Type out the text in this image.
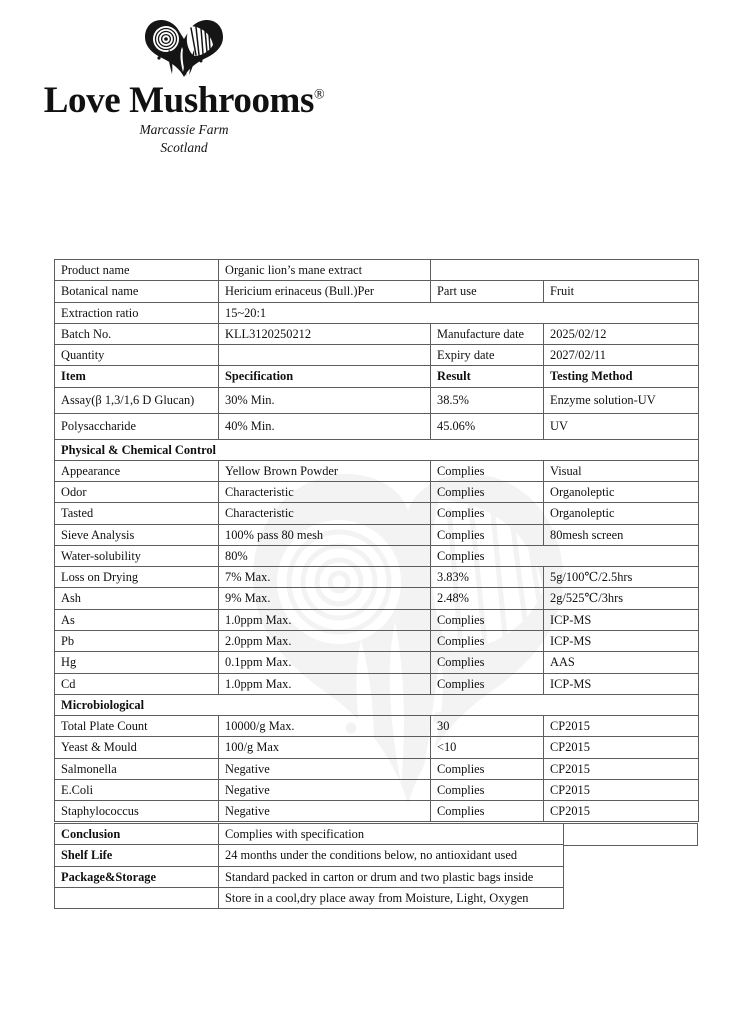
Love Mushrooms®
Marcassie Farm
Scotland
Product name	Organic lion’s mane extract		
Botanical name	Hericium erinaceus (Bull.)Per	Part use	Fruit
Extraction ratio	15~20:1		
Batch No.	KLL3120250212	Manufacture date	2025/02/12
Quantity		Expiry date	2027/02/11
Item	Specification	Result	Testing Method
Assay(β 1,3/1,6 D Glucan)	30% Min.	38.5%	Enzyme solution-UV
Polysaccharide	40% Min.	45.06%	UV
Physical & Chemical Control			
Appearance	Yellow Brown Powder	Complies	Visual
Odor	Characteristic	Complies	Organoleptic
Tasted	Characteristic	Complies	Organoleptic
Sieve Analysis	100% pass 80 mesh	Complies	80mesh screen
Water-solubility	80%	Complies	
Loss on Drying	7% Max.	3.83%	5g/100℃/2.5hrs
Ash	9% Max.	2.48%	2g/525℃/3hrs
As	1.0ppm Max.	Complies	ICP-MS
Pb	2.0ppm Max.	Complies	ICP-MS
Hg	0.1ppm Max.	Complies	AAS
Cd	1.0ppm Max.	Complies	ICP-MS
Microbiological			
Total Plate Count	10000/g Max.	30	CP2015
Yeast & Mould	100/g Max	<10	CP2015
Salmonella	Negative	Complies	CP2015
E.Coli	Negative	Complies	CP2015
Staphylococcus	Negative	Complies	CP2015
Conclusion	Complies with specification
Shelf Life	24 months under the conditions below, no antioxidant used
Package&Storage	Standard packed in carton or drum and two plastic bags inside
	Store in a cool,dry place away from Moisture, Light, Oxygen
